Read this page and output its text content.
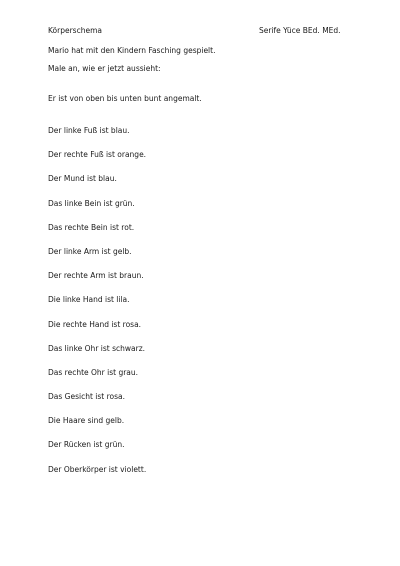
Körperschema	Serife Yüce BEd. MEd.
Mario hat mit den Kindern Fasching gespielt.
Male an, wie er jetzt aussieht:
Er ist von oben bis unten bunt angemalt.
Der linke Fuß ist blau.
Der rechte Fuß ist orange.
Der Mund ist blau.
Das linke Bein ist grün.
Das rechte Bein ist rot.
Der linke Arm ist gelb.
Der rechte Arm ist braun.
Die linke Hand ist lila.
Die rechte Hand ist rosa.
Das linke Ohr ist schwarz.
Das rechte Ohr ist grau.
Das Gesicht ist rosa.
Die Haare sind gelb.
Der Rücken ist grün.
Der Oberkörper ist violett.
